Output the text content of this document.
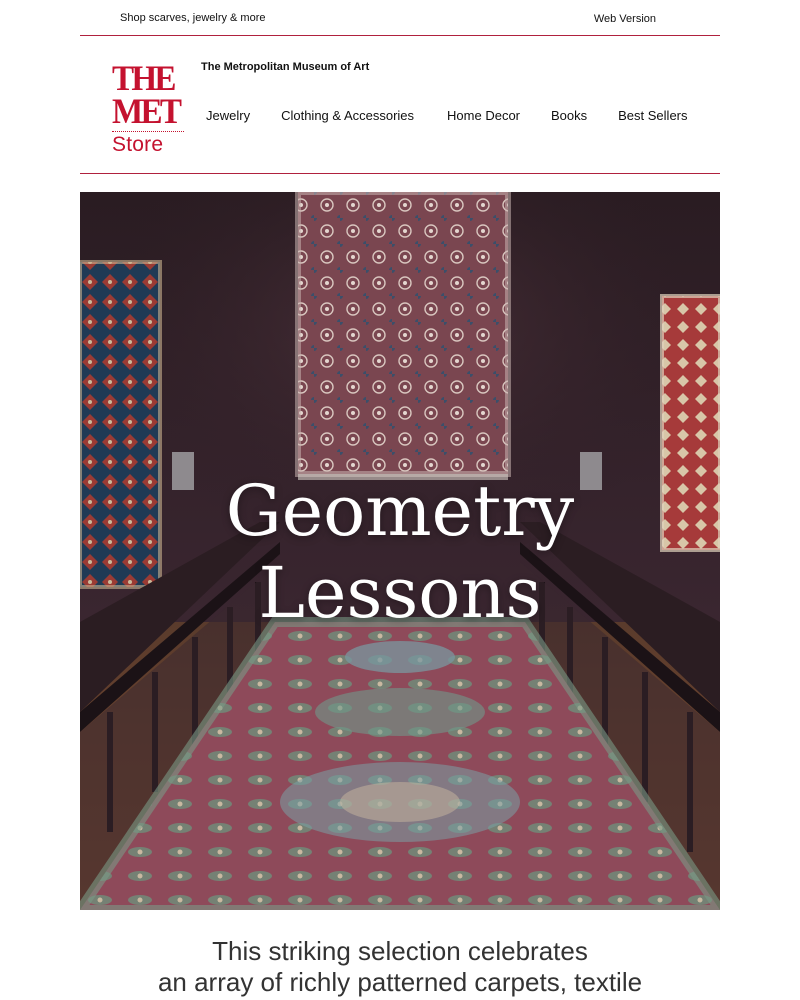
Shop scarves, jewelry & more	Web Version
THE
MET
Store
The Metropolitan Museum of Art
Jewelry Clothing & Accessories	Home Decor Books Best Sellers
Geometry
Lessons
This striking selection celebrates
an array of richly patterned carpets, textile
